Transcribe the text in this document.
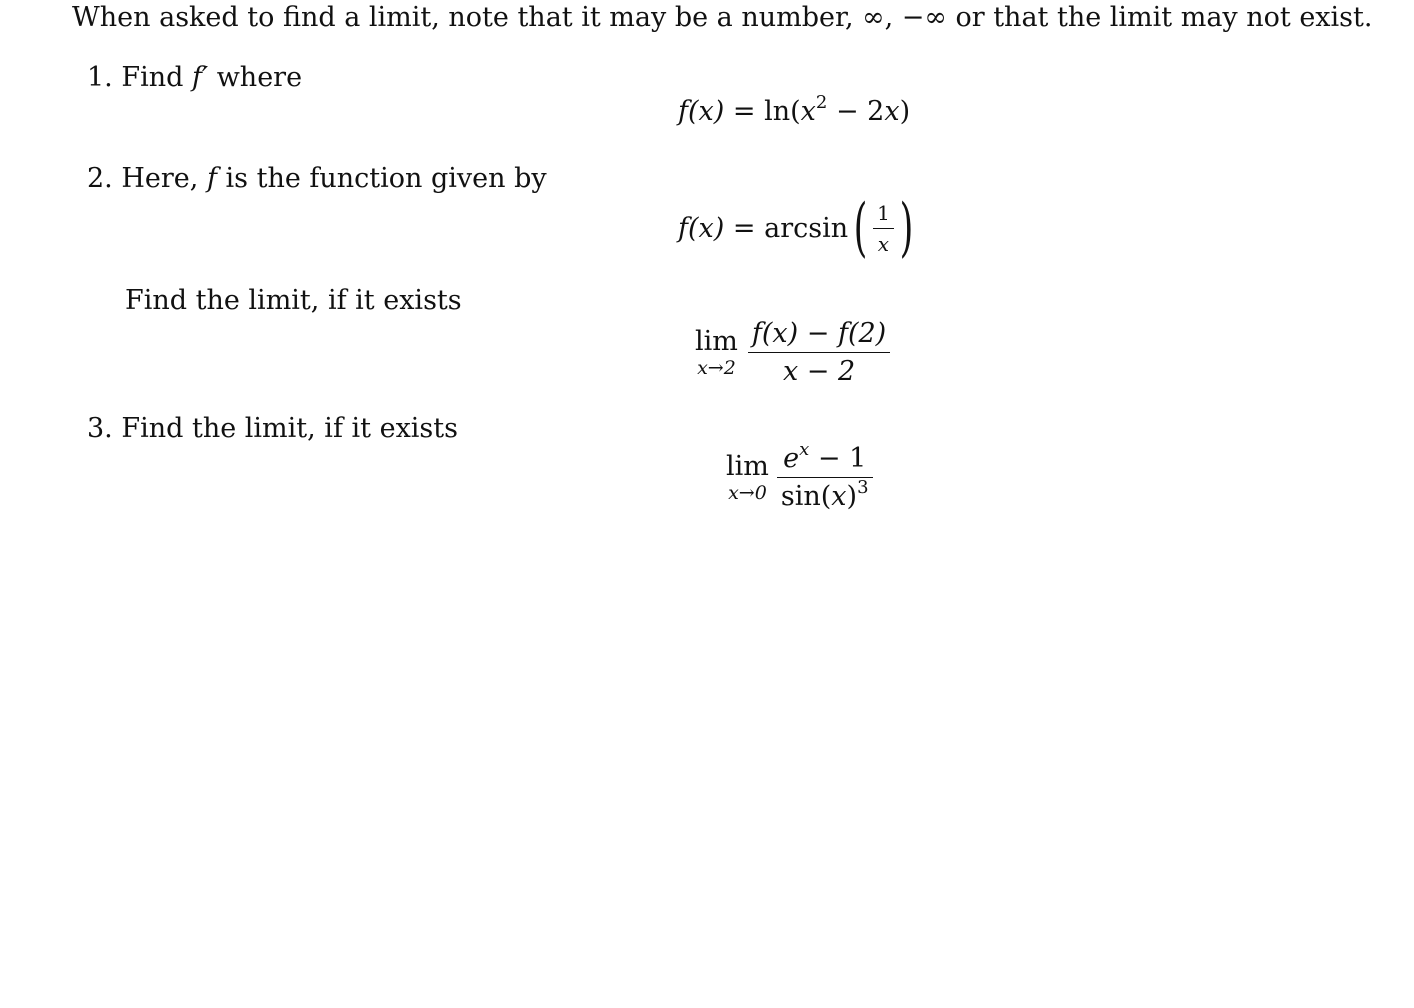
When asked to find a limit, note that it may be a number, ∞, −∞ or that the limit may not exist.
1. Find f′ where
$f(x) = \ln(x^2 - 2x)$
2. Here, f is the function given by
f(x) = arcsin ( $\frac{1}{x}$ )
Find the limit, if it exists
lim
$x\to 2 \frac{f(x) - f(2)}{x - 2}$
3. Find the limit, if it exists
lim
$x\to 0 \frac{e^x - 1}{\sin(x)^3}$
